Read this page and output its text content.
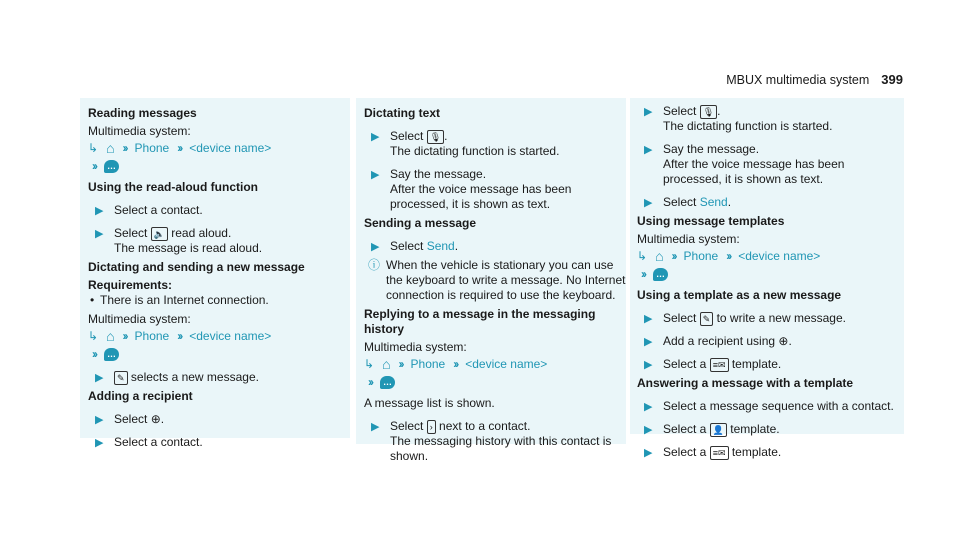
MBUX multimedia system 399
Reading messages

Multimedia system:

↳ ⌂ ›› Phone ›› <device name>
››	…
Using the read-aloud function
▶ Select a contact.
▶ Select 🔈 read aloud.
The message is read aloud.
Dictating and sending a new message
Requirements:
• There is an Internet connection.

Multimedia system:

↳ ⌂ ›› Phone ›› <device name>
››	…
▶ ✎ selects a new message.
Adding a recipient
▶ Select ⊕.
▶ Select a contact.
Dictating text
▶ Select 🎙 .
The dictating function is started.
▶ Say the message.
After the voice message has been processed, it is shown as text.
Sending a message
▶ Select Send.
ⓘ When the vehicle is stationary you can use the keyboard to write a message. No Internet connection is required to use the keyboard.
Replying to a message in the messaging history

Multimedia system:

↳ ⌂ ›› Phone ›› <device name>
››	…

A message list is shown.

▶ Select › next to a contact.
The messaging history with this contact is shown.
▶ Select 🎙 .
The dictating function is started.
▶ Say the message.
After the voice message has been processed, it is shown as text.
▶ Select Send.
Using message templates

Multimedia system:

↳ ⌂ ›› Phone ›› <device name>
››	…
Using a template as a new message
▶ Select ✎ to write a new message.
▶ Add a recipient using ⊕.
▶ Select a ≡✉ template.
Answering a message with a template
▶ Select a message sequence with a contact.
▶ Select a 👤 template.
▶ Select a ≡✉ template.
